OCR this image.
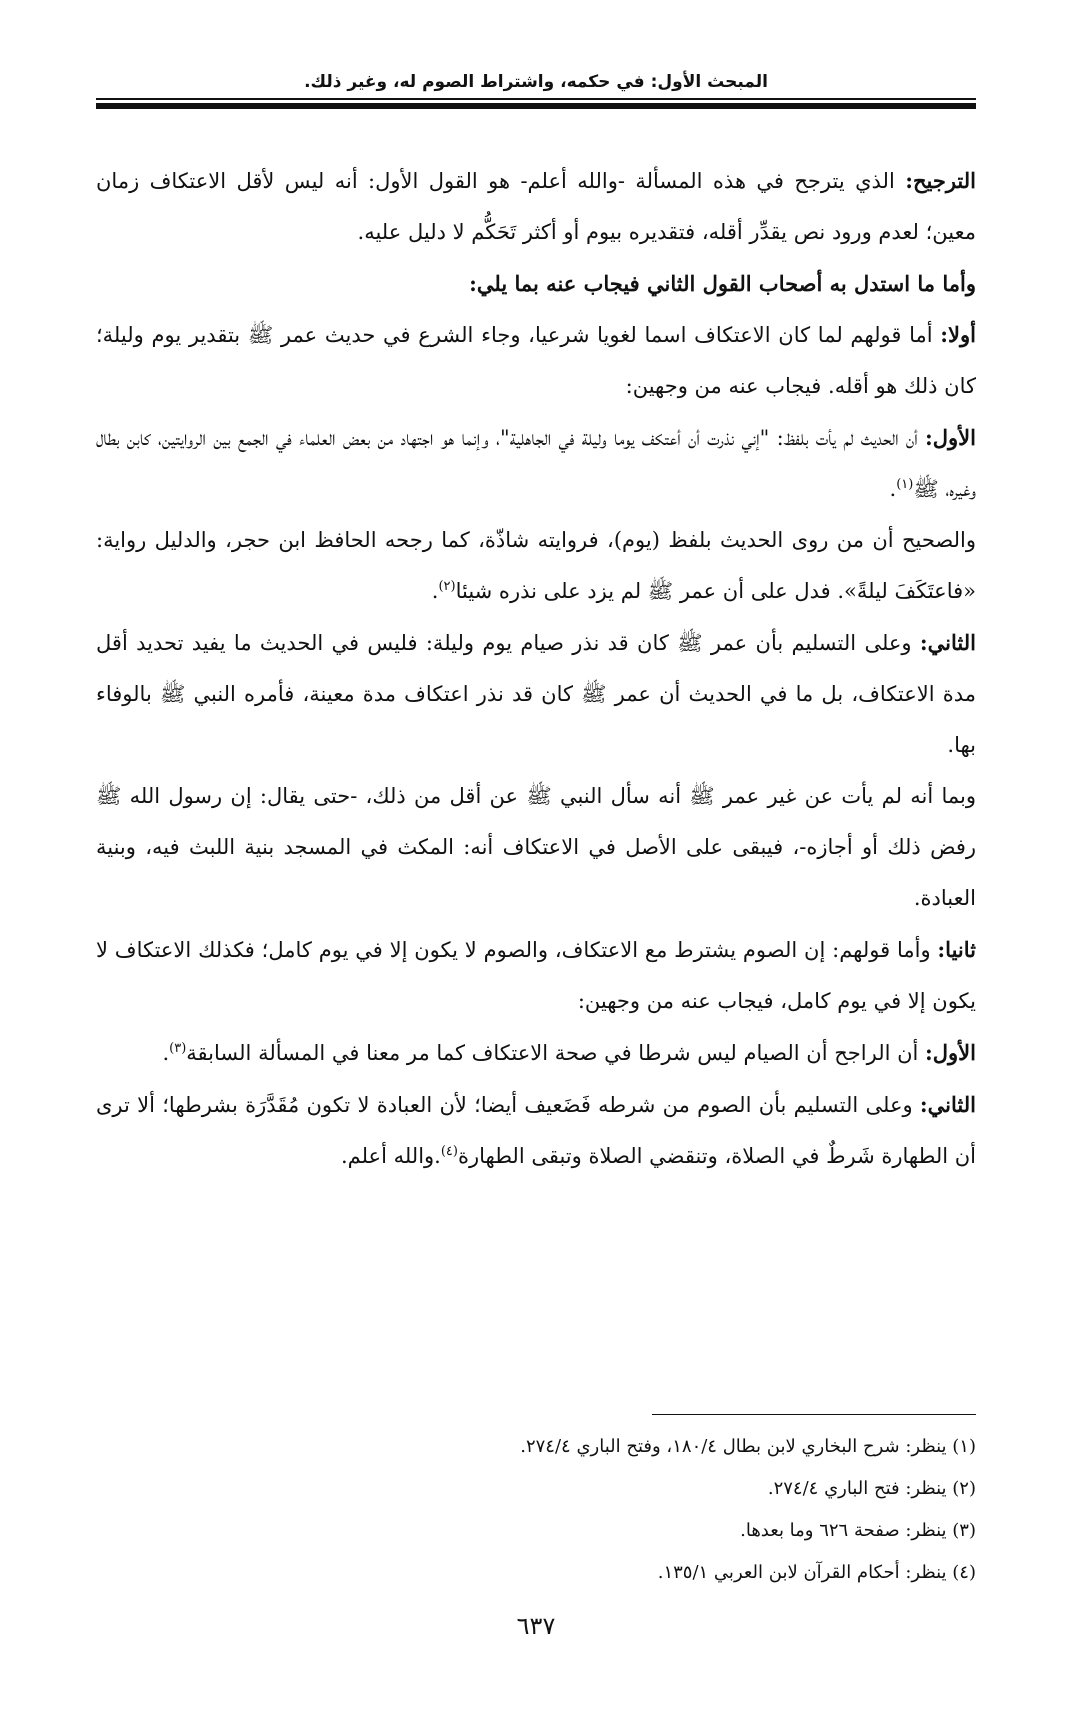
المبحث الأول: في حكمه، واشتراط الصوم له، وغير ذلك.

الترجيح: الذي يترجح في هذه المسألة -والله أعلم- هو القول الأول: أنه ليس لأقل الاعتكاف زمان معين؛ لعدم ورود نص يقدِّر أقله، فتقديره بيوم أو أكثر تَحَكُّم لا دليل عليه.

وأما ما استدل به أصحاب القول الثاني فيجاب عنه بما يلي:

أولا: أما قولهم لما كان الاعتكاف اسما لغويا شرعيا، وجاء الشرع في حديث عمر ﷺ بتقدير يوم وليلة؛ كان ذلك هو أقله. فيجاب عنه من وجهين:

الأول: أن الحديث لم يأت بلفظ: "إني نذرت أن أعتكف يوما وليلة في الجاهلية"، وإنما هو اجتهاد من بعض العلماء في الجمع بين الروايتين، كابن بطال وغيره، ﷺ$^{(١)}$.

والصحيح أن من روى الحديث بلفظ (يوم)، فروايته شاذّة، كما رجحه الحافظ ابن حجر، والدليل رواية: «فاعتَكَفَ ليلةً». فدل على أن عمر ﷺ لم يزد على نذره شيئا$^{(٢)}$.

الثاني: وعلى التسليم بأن عمر ﷺ كان قد نذر صيام يوم وليلة: فليس في الحديث ما يفيد تحديد أقل مدة الاعتكاف، بل ما في الحديث أن عمر ﷺ كان قد نذر اعتكاف مدة معينة، فأمره النبي ﷺ بالوفاء بها.

وبما أنه لم يأت عن غير عمر ﷺ أنه سأل النبي ﷺ عن أقل من ذلك، -حتى يقال: إن رسول الله ﷺ رفض ذلك أو أجازه-، فيبقى على الأصل في الاعتكاف أنه: المكث في المسجد بنية اللبث فيه، وبنية العبادة.

ثانيا: وأما قولهم: إن الصوم يشترط مع الاعتكاف، والصوم لا يكون إلا في يوم كامل؛ فكذلك الاعتكاف لا يكون إلا في يوم كامل، فيجاب عنه من وجهين:

الأول: أن الراجح أن الصيام ليس شرطا في صحة الاعتكاف كما مر معنا في المسألة السابقة$^{(٣)}$.

الثاني: وعلى التسليم بأن الصوم من شرطه فَضَعيف أيضا؛ لأن العبادة لا تكون مُقَدَّرَة بشرطها؛ ألا ترى أن الطهارة شَرطٌ في الصلاة، وتنقضي الصلاة وتبقى الطهارة$^{(٤)}$.والله أعلم.

(١) ينظر: شرح البخاري لابن بطال ١٨٠/٤، وفتح الباري ٢٧٤/٤.
(٢) ينظر: فتح الباري ٢٧٤/٤.
(٣) ينظر: صفحة ٦٢٦ وما بعدها.
(٤) ينظر: أحكام القرآن لابن العربي ١٣٥/١.
٦٣٧
